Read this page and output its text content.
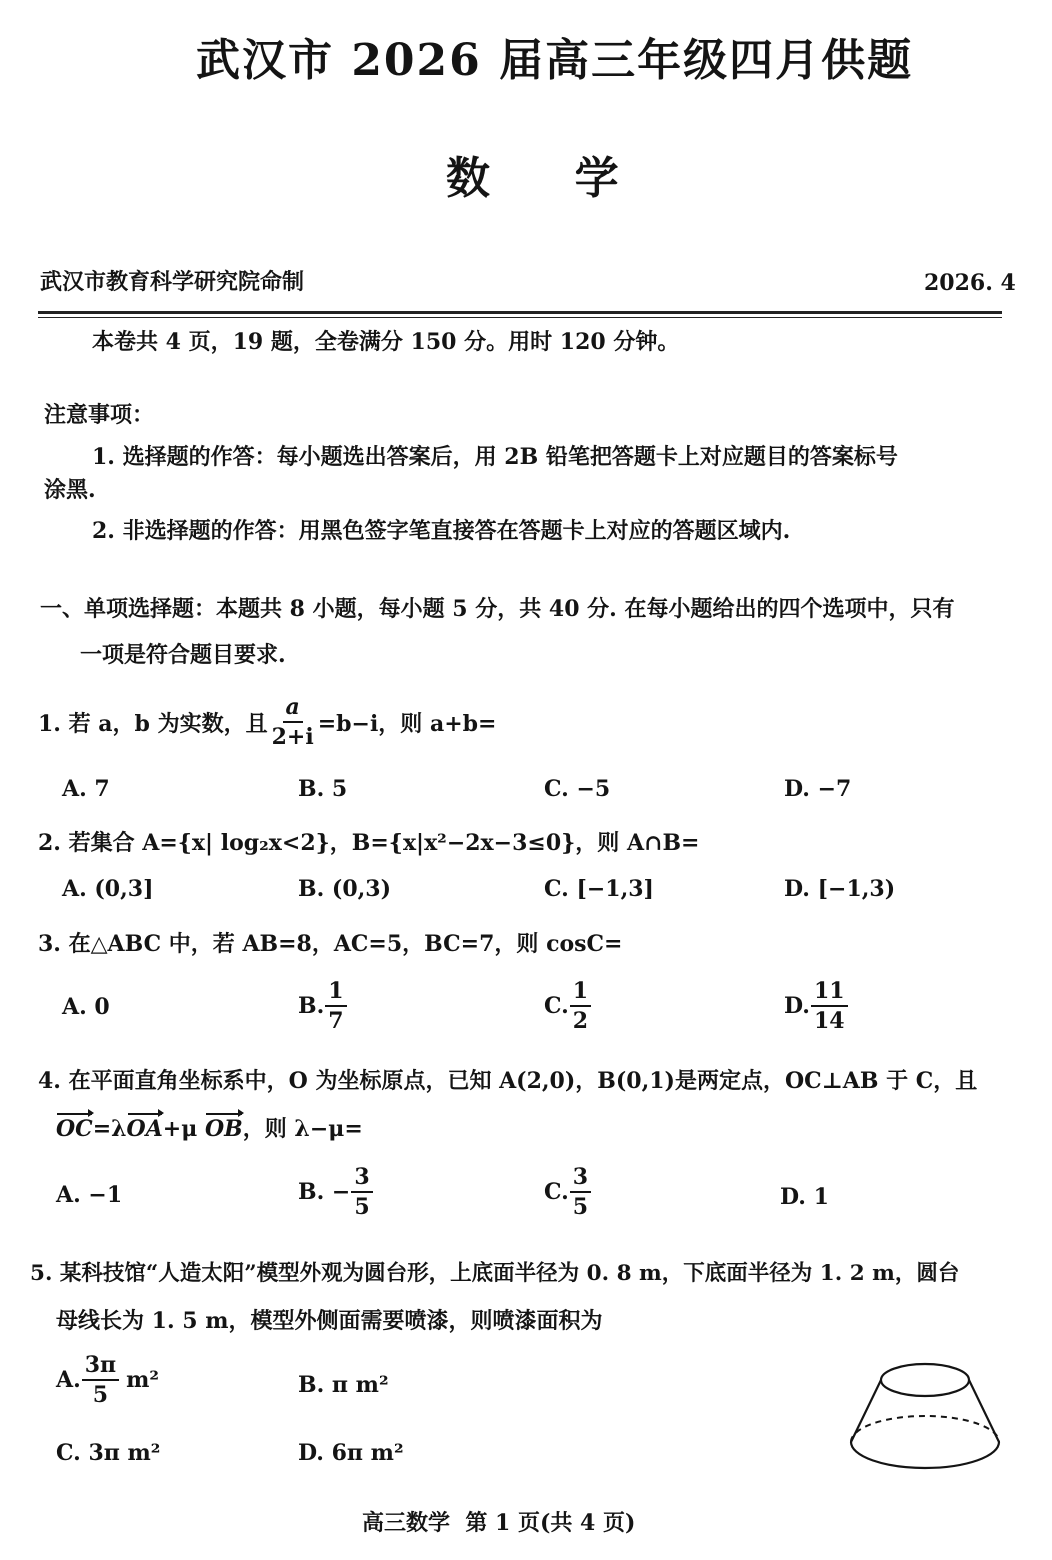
武汉市 2026 届高三年级四月供题
数  学
武汉市教育科学研究院命制	2026. 4
本卷共 4 页，19 题，全卷满分 150 分。用时 120 分钟。
注意事项：
1. 选择题的作答：每小题选出答案后，用 2B 铅笔把答题卡上对应题目的答案标号
涂黑.
2. 非选择题的作答：用黑色签字笔直接答在答题卡上对应的答题区域内.
一、单项选择题：本题共 8 小题，每小题 5 分，共 40 分. 在每小题给出的四个选项中，只有
一项是符合题目要求.
1. 若 a，b 为实数，且 $\frac{a}{2+i} =b-i$，则 a+b=
A. 7	B. 5	C. −5	D. −7
2. 若集合 A={x| log₂x<2}，B={x|x²−2x−3≤0}，则 A∩B=
A. (0,3]	B. (0,3)	C. [−1,3]	D. [−1,3)
3. 在△ABC 中，若 AB=8，AC=5，BC=7，则 cosC=
A. 0	B. $\frac{1}{7}$	C. $\frac{1}{2}$	D. $\frac{11}{14}$
4. 在平面直角坐标系中，O 为坐标原点，已知 A(2,0)，B(0,1)是两定点，OC⊥AB 于 C，且
OC=λOA+μ OB，则 λ−μ=
A. −1	B. − $\frac{3}{5}$	C. $\frac{3}{5}$	D. 1
5. 某科技馆“人造太阳”模型外观为圆台形，上底面半径为 0. 8 m，下底面半径为 1. 2 m，圆台
母线长为 1. 5 m，模型外侧面需要喷漆，则喷漆面积为
A. $\frac{3\pi}{5} m^2$	B. π m²
C. 3π m²	D. 6π m²
高三数学  第 1 页(共 4 页)
